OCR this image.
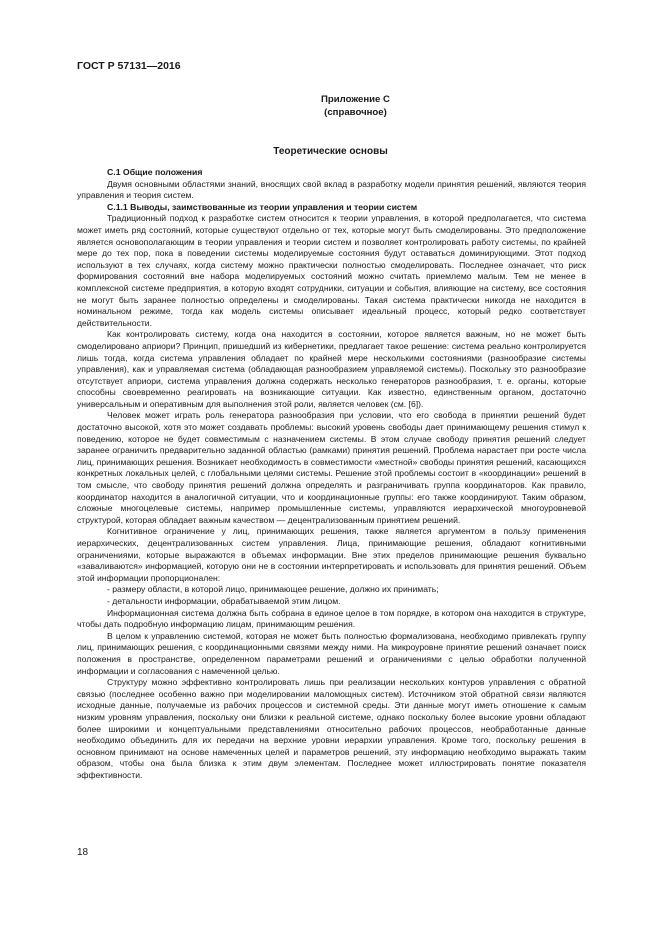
ГОСТ Р 57131—2016
Приложение С
(справочное)
Теоретические основы
С.1 Общие положения

Двумя основными областями знаний, вносящих свой вклад в разработку модели принятия решений, являются теория управления и теория систем.

С.1.1 Выводы, заимствованные из теории управления и теории систем

Традиционный подход к разработке систем относится к теории управления, в которой предполагается, что система может иметь ряд состояний, которые существуют отдельно от тех, которые могут быть смоделированы. Это предположение является основополагающим в теории управления и теории систем и позволяет контролировать работу системы, по крайней мере до тех пор, пока в поведении системы моделируемые состояния будут оставаться доминирующими. Этот подход используют в тех случаях, когда систему можно практически полностью смоделировать. Последнее означает, что риск формирования состояний вне набора моделируемых состояний можно считать приемлемо малым. Тем не менее в комплексной системе предприятия, в которую входят сотрудники, ситуации и события, влияющие на систему, все состояния не могут быть заранее полностью определены и смоделированы. Такая система практически никогда не находится в номинальном режиме, тогда как модель системы описывает идеальный процесс, который редко соответствует действительности.

Как контролировать систему, когда она находится в состоянии, которое является важным, но не может быть смоделировано априори? Принцип, пришедший из кибернетики, предлагает такое решение: система реально контролируется лишь тогда, когда система управления обладает по крайней мере несколькими состояниями (разнообразие системы управления), как и управляемая система (обладающая разнообразием управляемой системы). Поскольку это разнообразие отсутствует априори, система управления должна содержать несколько генераторов разнообразия, т. е. органы, которые способны своевременно реагировать на возникающие ситуации. Как известно, единственным органом, достаточно универсальным и оперативным для выполнения этой роли, является человек (см. [6]).

Человек может играть роль генератора разнообразия при условии, что его свобода в принятии решений будет достаточно высокой, хотя это может создавать проблемы: высокий уровень свободы дает принимающему решения стимул к поведению, которое не будет совместимым с назначением системы. В этом случае свободу принятия решений следует заранее ограничить предварительно заданной областью (рамками) принятия решений. Проблема нарастает при росте числа лиц, принимающих решения. Возникает необходимость в совместимости «местной» свободы принятия решений, касающихся конкретных локальных целей, с глобальными целями системы. Решение этой проблемы состоит в «координации» решений в том смысле, что свободу принятия решений должна определять и разграничивать группа координаторов. Как правило, координатор находится в аналогичной ситуации, что и координационные группы: его также координируют. Таким образом, сложные многоцелевые системы, например промышленные системы, управляются иерархической многоуровневой структурой, которая обладает важным качеством — децентрализованным принятием решений.

Когнитивное ограничение у лиц, принимающих решения, также является аргументом в пользу применения иерархических, децентрализованных систем управления. Лица, принимающие решения, обладают когнитивными ограничениями, которые выражаются в объемах информации. Вне этих пределов принимающие решения буквально «заваливаются» информацией, которую они не в состоянии интерпретировать и использовать для принятия решений. Объем этой информации пропорционален:

- размеру области, в которой лицо, принимающее решение, должно их принимать;
- детальности информации, обрабатываемой этим лицом.

Информационная система должна быть собрана в единое целое в том порядке, в котором она находится в структуре, чтобы дать подробную информацию лицам, принимающим решения.

В целом к управлению системой, которая не может быть полностью формализована, необходимо привлекать группу лиц, принимающих решения, с координационными связями между ними. На микроуровне принятие решений означает поиск положения в пространстве, определенном параметрами решений и ограничениями с целью обработки полученной информации и согласования с намеченной целью.

Структуру можно эффективно контролировать лишь при реализации нескольких контуров управления с обратной связью (последнее особенно важно при моделировании маломощных систем). Источником этой обратной связи являются исходные данные, получаемые из рабочих процессов и системной среды. Эти данные могут иметь отношение к самым низким уровням управления, поскольку они близки к реальной системе, однако поскольку более высокие уровни обладают более широкими и концептуальными представлениями относительно рабочих процессов, необработанные данные необходимо объединить для их передачи на верхние уровни иерархии управления. Кроме того, поскольку решения в основном принимают на основе намеченных целей и параметров решений, эту информацию необходимо выражать таким образом, чтобы она была близка к этим двум элементам. Последнее может иллюстрировать понятие показателя эффективности.

18
